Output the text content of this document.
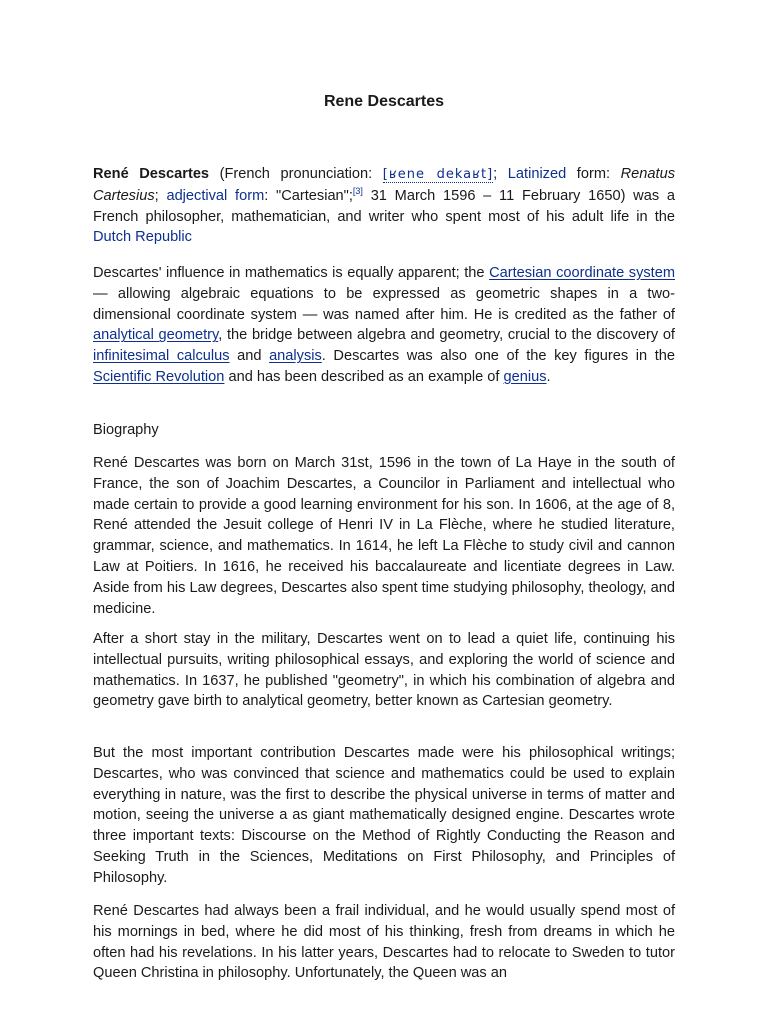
Rene Descartes
René Descartes (French pronunciation: [ʁene dekaʁt]; Latinized form: Renatus Cartesius; adjectival form: "Cartesian";[3] 31 March 1596 – 11 February 1650) was a French philosopher, mathematician, and writer who spent most of his adult life in the Dutch Republic
Descartes' influence in mathematics is equally apparent; the Cartesian coordinate system — allowing algebraic equations to be expressed as geometric shapes in a two-dimensional coordinate system — was named after him. He is credited as the father of analytical geometry, the bridge between algebra and geometry, crucial to the discovery of infinitesimal calculus and analysis. Descartes was also one of the key figures in the Scientific Revolution and has been described as an example of genius.
Biography
René Descartes was born on March 31st, 1596 in the town of La Haye in the south of France, the son of Joachim Descartes, a Councilor in Parliament and intellectual who made certain to provide a good learning environment for his son. In 1606, at the age of 8, René attended the Jesuit college of Henri IV in La Flèche, where he studied literature, grammar, science, and mathematics. In 1614, he left La Flèche to study civil and cannon Law at Poitiers. In 1616, he received his baccalaureate and licentiate degrees in Law. Aside from his Law degrees, Descartes also spent time studying philosophy, theology, and medicine.
After a short stay in the military, Descartes went on to lead a quiet life, continuing his intellectual pursuits, writing philosophical essays, and exploring the world of science and mathematics. In 1637, he published "geometry", in which his combination of algebra and geometry gave birth to analytical geometry, better known as Cartesian geometry.
But the most important contribution Descartes made were his philosophical writings; Descartes, who was convinced that science and mathematics could be used to explain everything in nature, was the first to describe the physical universe in terms of matter and motion, seeing the universe a as giant mathematically designed engine. Descartes wrote three important texts: Discourse on the Method of Rightly Conducting the Reason and Seeking Truth in the Sciences, Meditations on First Philosophy, and Principles of Philosophy.
René Descartes had always been a frail individual, and he would usually spend most of his mornings in bed, where he did most of his thinking, fresh from dreams in which he often had his revelations. In his latter years, Descartes had to relocate to Sweden to tutor Queen Christina in philosophy. Unfortunately, the Queen was an
